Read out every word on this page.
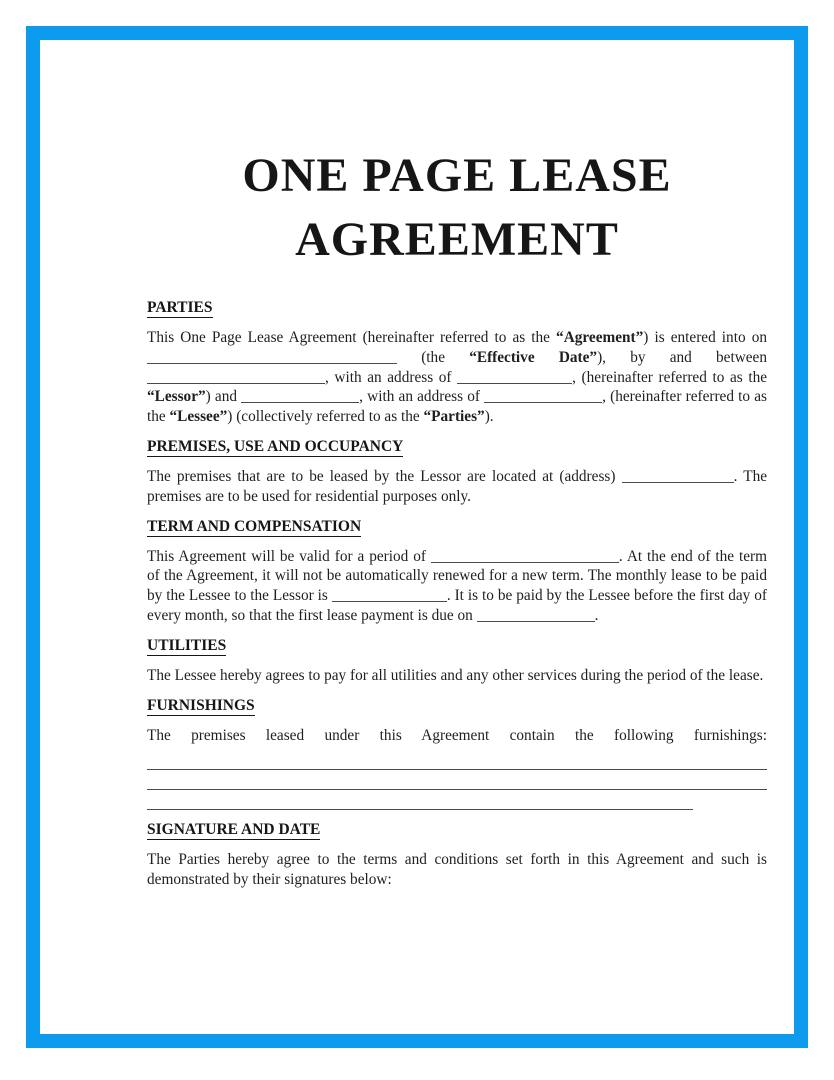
ONE PAGE LEASE AGREEMENT
PARTIES

This One Page Lease Agreement (hereinafter referred to as the “Agreement”) is entered into on  (the “Effective Date”), by and between , with an address of	, (hereinafter referred to as the “Lessor”) and	, with an address of	, (hereinafter referred to as the “Lessee”) (collectively referred to as the “Parties”).

PREMISES, USE AND OCCUPANCY

The premises that are to be leased by the Lessor are located at (address)	. The premises are to be used for residential purposes only.

TERM AND COMPENSATION

This Agreement will be valid for a period of	. At the end of the term of the Agreement, it will not be automatically renewed for a new term. The monthly lease to be paid by the Lessee to the Lessor is	. It is to be paid by the Lessee before the first day of every month, so that the first lease payment is due on	.

UTILITIES

The Lessee hereby agrees to pay for all utilities and any other services during the period of the lease.

FURNISHINGS

The premises leased under this Agreement contain the following furnishings:

SIGNATURE AND DATE

The Parties hereby agree to the terms and conditions set forth in this Agreement and such is demonstrated by their signatures below:
